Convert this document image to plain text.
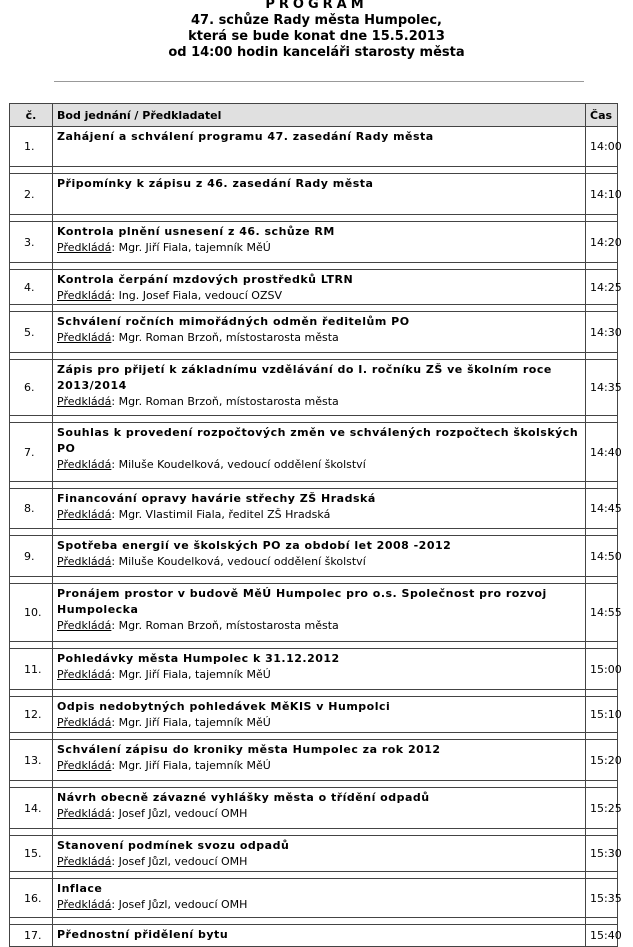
PROGRAM
47. schůze Rady města Humpolec,
která se bude konat dne 15.5.2013
od 14:00 hodin kanceláři starosty města
č.	Bod jednání / Předkladatel	Čas
1.	Zahájení a schválení programu 47. zasedání Rady města	14:00

2.	Připomínky k zápisu z 46. zasedání Rady města	14:10

3.	Kontrola plnění usnesení z 46. schůze RM
Předkládá: Mgr. Jiří Fiala, tajemník MěÚ	14:20

4.	Kontrola čerpání mzdových prostředků LTRN
Předkládá: Ing. Josef Fiala, vedoucí OZSV	14:25

5.	Schválení ročních mimořádných odměn ředitelům PO
Předkládá: Mgr. Roman Brzoň, místostarosta města	14:30

6.	Zápis pro přijetí k základnímu vzdělávání do I. ročníku ZŠ ve školním roce 2013/2014
Předkládá: Mgr. Roman Brzoň, místostarosta města	14:35

7.	Souhlas k provedení rozpočtových změn ve schválených rozpočtech školských PO
Předkládá: Miluše Koudelková, vedoucí oddělení školství	14:40

8.	Financování opravy havárie střechy ZŠ Hradská
Předkládá: Mgr. Vlastimil Fiala, ředitel ZŠ Hradská	14:45

9.	Spotřeba energií ve školských PO za období let 2008 -2012
Předkládá: Miluše Koudelková, vedoucí oddělení školství	14:50

10.	Pronájem prostor v budově MěÚ Humpolec pro o.s. Společnost pro rozvoj Humpolecka
Předkládá: Mgr. Roman Brzoň, místostarosta města	14:55

11.	Pohledávky města Humpolec k 31.12.2012
Předkládá: Mgr. Jiří Fiala, tajemník MěÚ	15:00

12.	Odpis nedobytných pohledávek MěKIS v Humpolci
Předkládá: Mgr. Jiří Fiala, tajemník MěÚ	15:10

13.	Schválení zápisu do kroniky města Humpolec za rok 2012
Předkládá: Mgr. Jiří Fiala, tajemník MěÚ	15:20

14.	Návrh obecně závazné vyhlášky města o třídění odpadů
Předkládá: Josef Jůzl, vedoucí OMH	15:25

15.	Stanovení podmínek svozu odpadů
Předkládá: Josef Jůzl, vedoucí OMH	15:30

16.	Inflace
Předkládá: Josef Jůzl, vedoucí OMH	15:35

17.	Přednostní přidělení bytu	15:40
